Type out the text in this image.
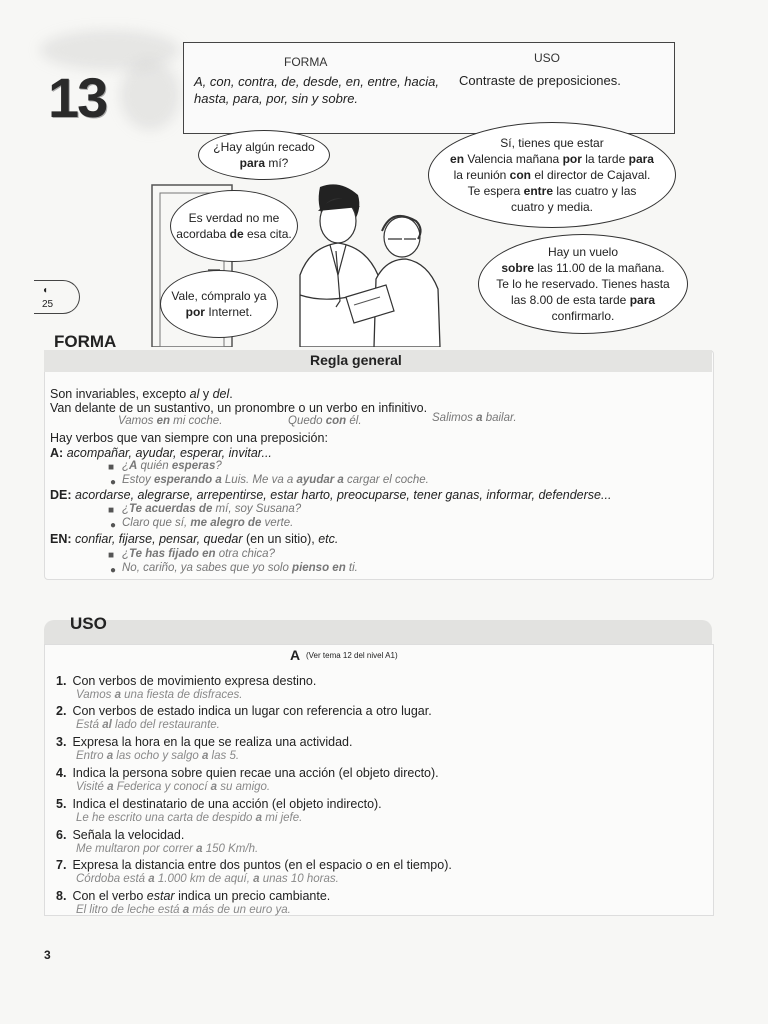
13
FORMA
A, con, contra, de, desde, en, entre, hacia, hasta, para, por, sin y sobre.
USO
Contraste de preposiciones.
¿Hay algún recado
para mí?
Es verdad no me acordaba de esa cita.
Vale, cómpralo ya por Internet.
Sí, tienes que estar
en Valencia mañana por la tarde para
la reunión con el director de Cajaval.
Te espera entre las cuatro y las
cuatro y media.
Hay un vuelo
sobre las 11.00 de la mañana.
Te lo he reservado. Tienes hasta
las 8.00 de esta tarde para
confirmarlo.
◖
25
FORMA
Regla general
Son invariables, excepto al y del.
Van delante de un sustantivo, un pronombre o un verbo en infinitivo.
Vamos en mi coche.	Quedo con él.	Salimos a bailar.
Hay verbos que van siempre con una preposición:
A: acompañar, ayudar, esperar, invitar...
■ ¿A quién esperas?
● Estoy esperando a Luis. Me va a ayudar a cargar el coche.
DE: acordarse, alegrarse, arrepentirse, estar harto, preocuparse, tener ganas, informar, defenderse...
■ ¿Te acuerdas de mí, soy Susana?
● Claro que sí, me alegro de verte.
EN: confiar, fijarse, pensar, quedar (en un sitio), etc.
■ ¿Te has fijado en otra chica?
● No, cariño, ya sabes que yo solo pienso en ti.
USO
A (Ver tema 12 del nivel A1)
1. Con verbos de movimiento expresa destino.
Vamos a una fiesta de disfraces.
2. Con verbos de estado indica un lugar con referencia a otro lugar.
Está al lado del restaurante.
3. Expresa la hora en la que se realiza una actividad.
Entro a las ocho y salgo a las 5.
4. Indica la persona sobre quien recae una acción (el objeto directo).
Visité a Federica y conocí a su amigo.
5. Indica el destinatario de una acción (el objeto indirecto).
Le he escrito una carta de despido a mi jefe.
6. Señala la velocidad.
Me multaron por correr a 150 Km/h.
7. Expresa la distancia entre dos puntos (en el espacio o en el tiempo).
Córdoba está a 1.000 km de aquí, a unas 10 horas.
8. Con el verbo estar indica un precio cambiante.
El litro de leche está a más de un euro ya.
3
